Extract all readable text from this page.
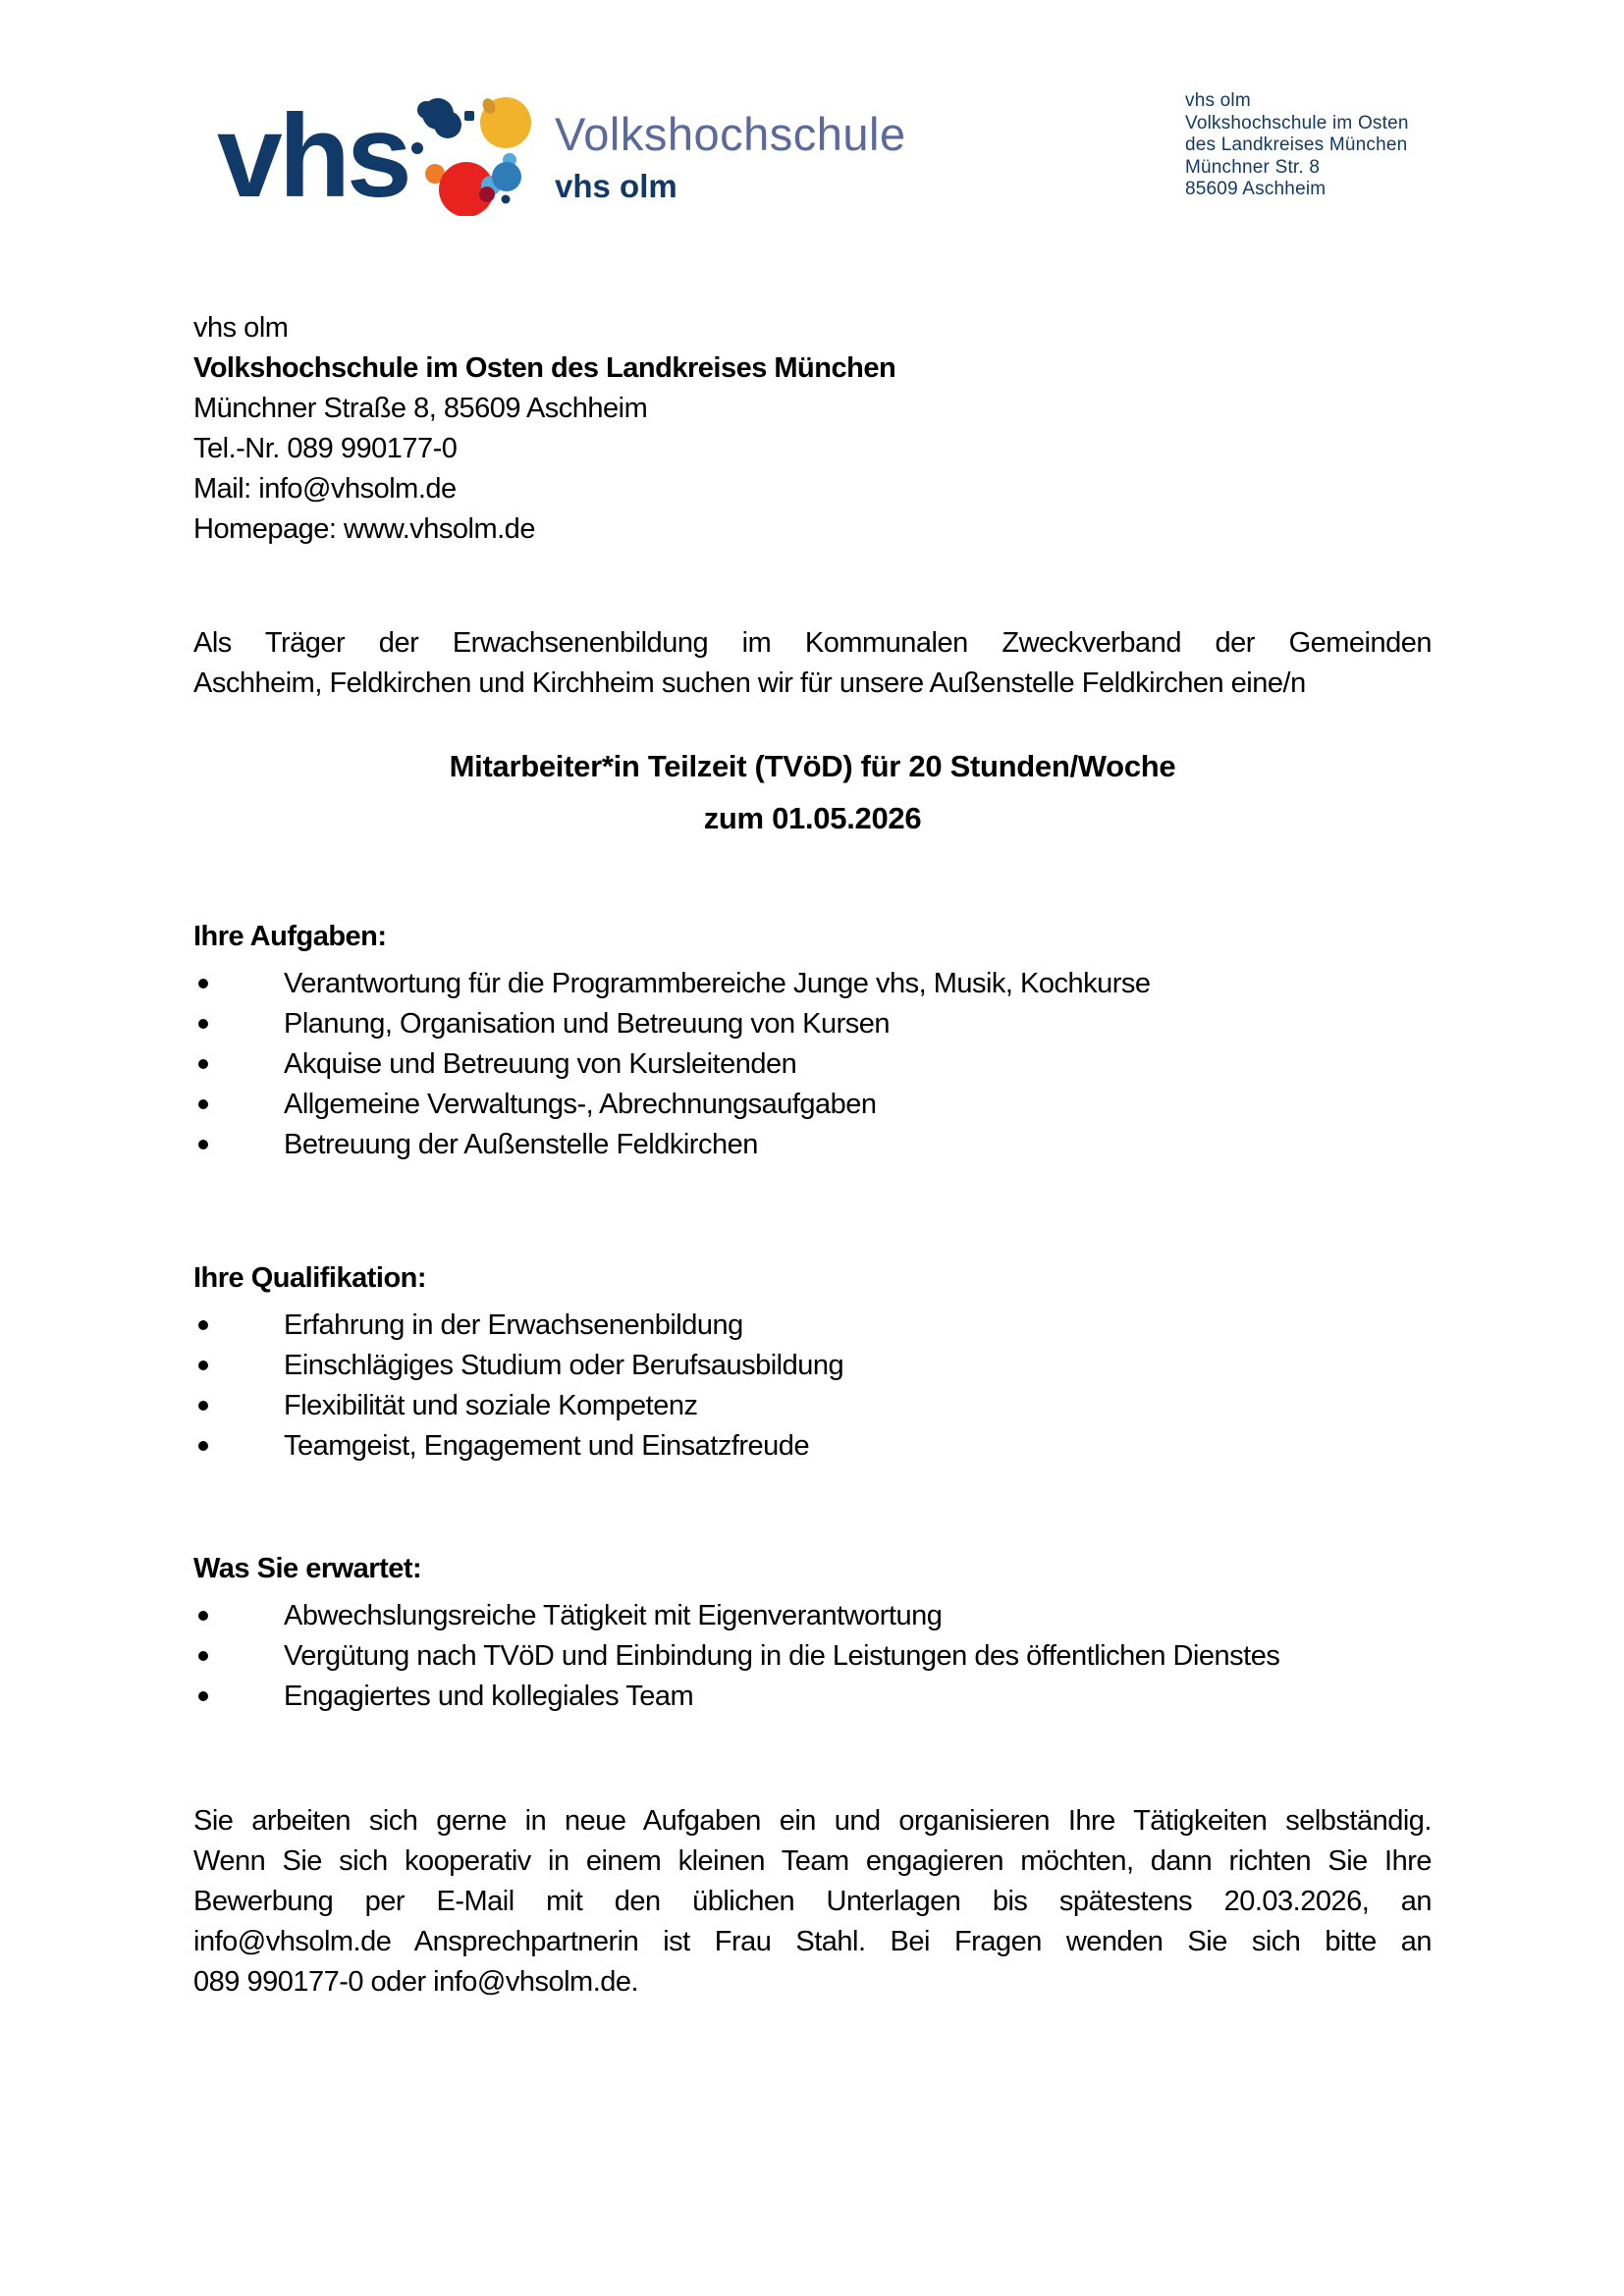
vhs	Volkshochschule
vhs olm
vhs olm
Volkshochschule im Osten
des Landkreises München
Münchner Str. 8
85609 Aschheim
vhs olm
Volkshochschule im Osten des Landkreises München
Münchner Straße 8, 85609 Aschheim
Tel.-Nr. 089 990177-0
Mail: info@vhsolm.de
Homepage: www.vhsolm.de
Als Träger der Erwachsenenbildung im Kommunalen Zweckverband der Gemeinden
Aschheim, Feldkirchen und Kirchheim suchen wir für unsere Außenstelle Feldkirchen eine/n
Mitarbeiter*in Teilzeit (TVöD) für 20 Stunden/Woche
zum 01.05.2026
Ihre Aufgaben:
Verantwortung für die Programmbereiche Junge vhs, Musik, Kochkurse
Planung, Organisation und Betreuung von Kursen
Akquise und Betreuung von Kursleitenden
Allgemeine Verwaltungs-, Abrechnungsaufgaben
Betreuung der Außenstelle Feldkirchen
Ihre Qualifikation:
Erfahrung in der Erwachsenenbildung
Einschlägiges Studium oder Berufsausbildung
Flexibilität und soziale Kompetenz
Teamgeist, Engagement und Einsatzfreude
Was Sie erwartet:
Abwechslungsreiche Tätigkeit mit Eigenverantwortung
Vergütung nach TVöD und Einbindung in die Leistungen des öffentlichen Dienstes
Engagiertes und kollegiales Team
Sie arbeiten sich gerne in neue Aufgaben ein und organisieren Ihre Tätigkeiten selbständig.
Wenn Sie sich kooperativ in einem kleinen Team engagieren möchten, dann richten Sie Ihre
Bewerbung per E-Mail mit den üblichen Unterlagen bis spätestens 20.03.2026, an
info@vhsolm.de Ansprechpartnerin ist Frau Stahl. Bei Fragen wenden Sie sich bitte an
089 990177-0 oder info@vhsolm.de.
